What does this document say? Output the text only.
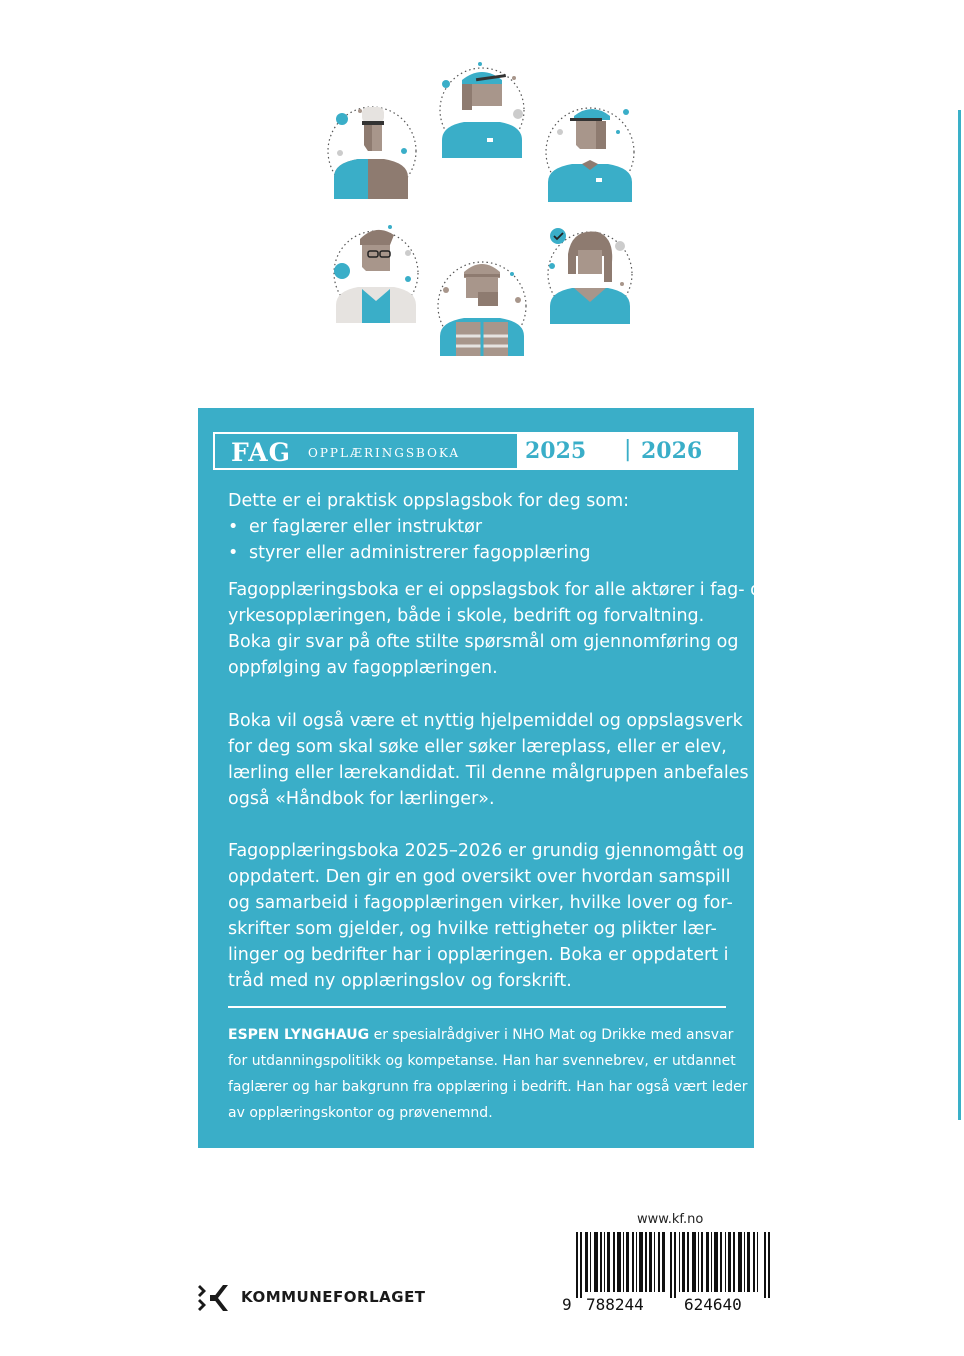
FAG OPPLÆRINGSBOKA	2025 | 2026
Dette er ei praktisk oppslagsbok for deg som:
• er faglærer eller instruktør
• styrer eller administrerer fagopplæring
Fagopplæringsboka er ei oppslagsbok for alle aktører i fag- og
yrkesopplæringen, både i skole, bedrift og forvaltning.
Boka gir svar på ofte stilte spørsmål om gjennomføring og
oppfølging av fagopplæringen.
Boka vil også være et nyttig hjelpemiddel og oppslagsverk
for deg som skal søke eller søker læreplass, eller er elev,
lærling eller lærekandidat. Til denne målgruppen anbefales
også «Håndbok for lærlinger».
Fagopplæringsboka 2025–2026 er grundig gjennomgått og
oppdatert. Den gir en god oversikt over hvordan samspill
og samarbeid i fagopplæringen virker, hvilke lover og for-
skrifter som gjelder, og hvilke rettigheter og plikter lær-
linger og bedrifter har i opplæringen. Boka er oppdatert i
tråd med ny opplæringslov og forskrift.
ESPEN LYNGHAUG er spesialrådgiver i NHO Mat og Drikke med ansvar
for utdanningspolitikk og kompetanse. Han har svennebrev, er utdannet
faglærer og har bakgrunn fra opplæring i bedrift. Han har også vært leder
av opplæringskontor og prøvenemnd.
www.kf.no
9 788244	624640
KOMMUNEFORLAGET
